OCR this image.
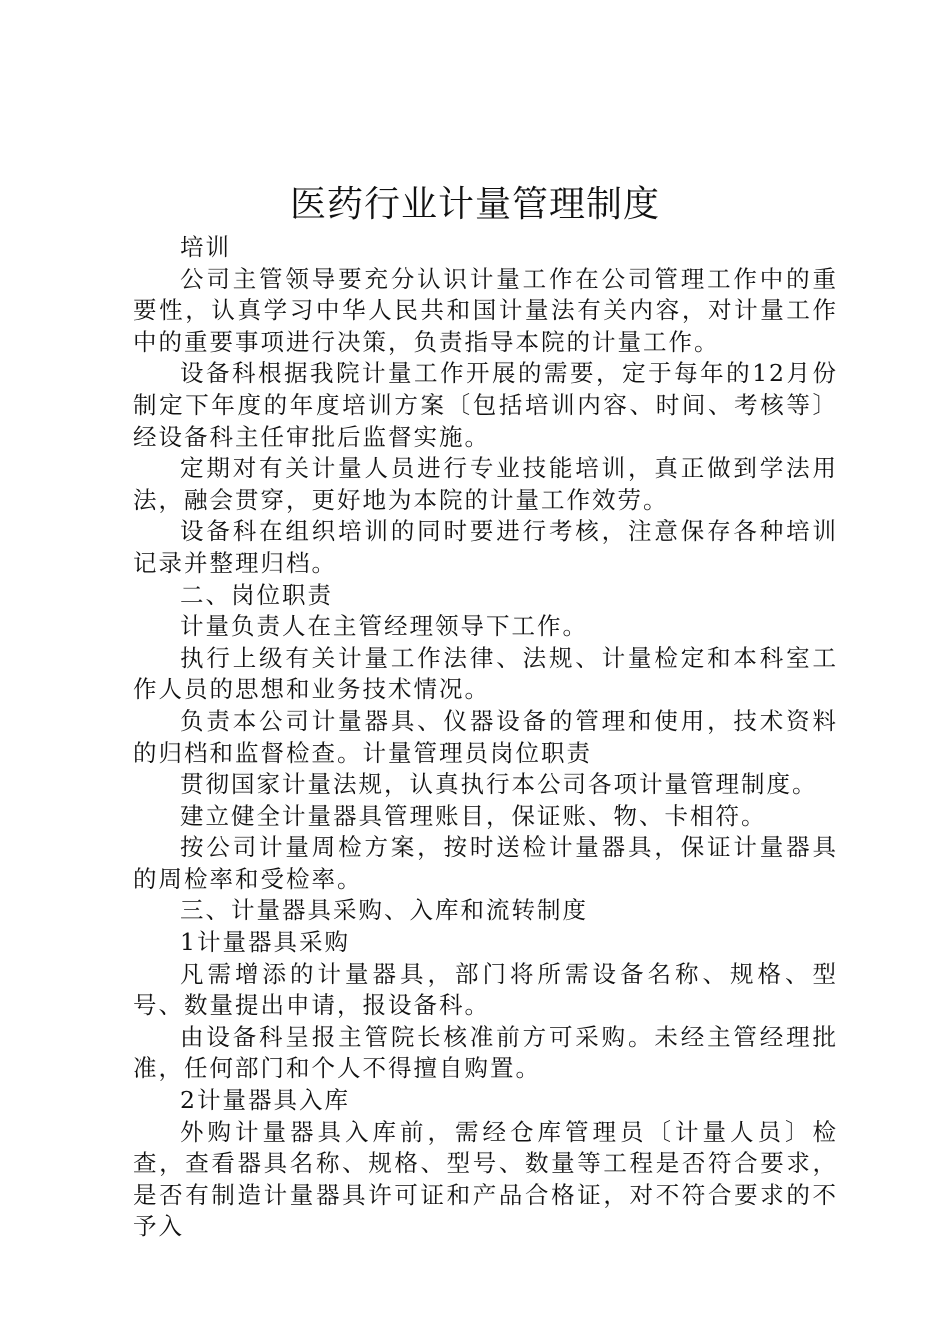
医药行业计量管理制度

培训

公司主管领导要充分认识计量工作在公司管理工作中的重要性，认真学习中华人民共和国计量法有关内容，对计量工作中的重要事项进行决策，负责指导本院的计量工作。

设备科根据我院计量工作开展的需要，定于每年的12月份制定下年度的年度培训方案〔包括培训内容、时间、考核等〕经设备科主任审批后监督实施。

定期对有关计量人员进行专业技能培训，真正做到学法用法，融会贯穿，更好地为本院的计量工作效劳。

设备科在组织培训的同时要进行考核，注意保存各种培训记录并整理归档。

二、岗位职责

计量负责人在主管经理领导下工作。

执行上级有关计量工作法律、法规、计量检定和本科室工作人员的思想和业务技术情况。

负责本公司计量器具、仪器设备的管理和使用，技术资料的归档和监督检查。计量管理员岗位职责

贯彻国家计量法规，认真执行本公司各项计量管理制度。

建立健全计量器具管理账目，保证账、物、卡相符。

按公司计量周检方案，按时送检计量器具，保证计量器具的周检率和受检率。

三、计量器具采购、入库和流转制度

1计量器具采购

凡需增添的计量器具，部门将所需设备名称、规格、型号、数量提出申请，报设备科。

由设备科呈报主管院长核准前方可采购。未经主管经理批准，任何部门和个人不得擅自购置。

2计量器具入库

外购计量器具入库前，需经仓库管理员〔计量人员〕检查，查看器具名称、规格、型号、数量等工程是否符合要求，是否有制造计量器具许可证和产品合格证，对不符合要求的不予入
